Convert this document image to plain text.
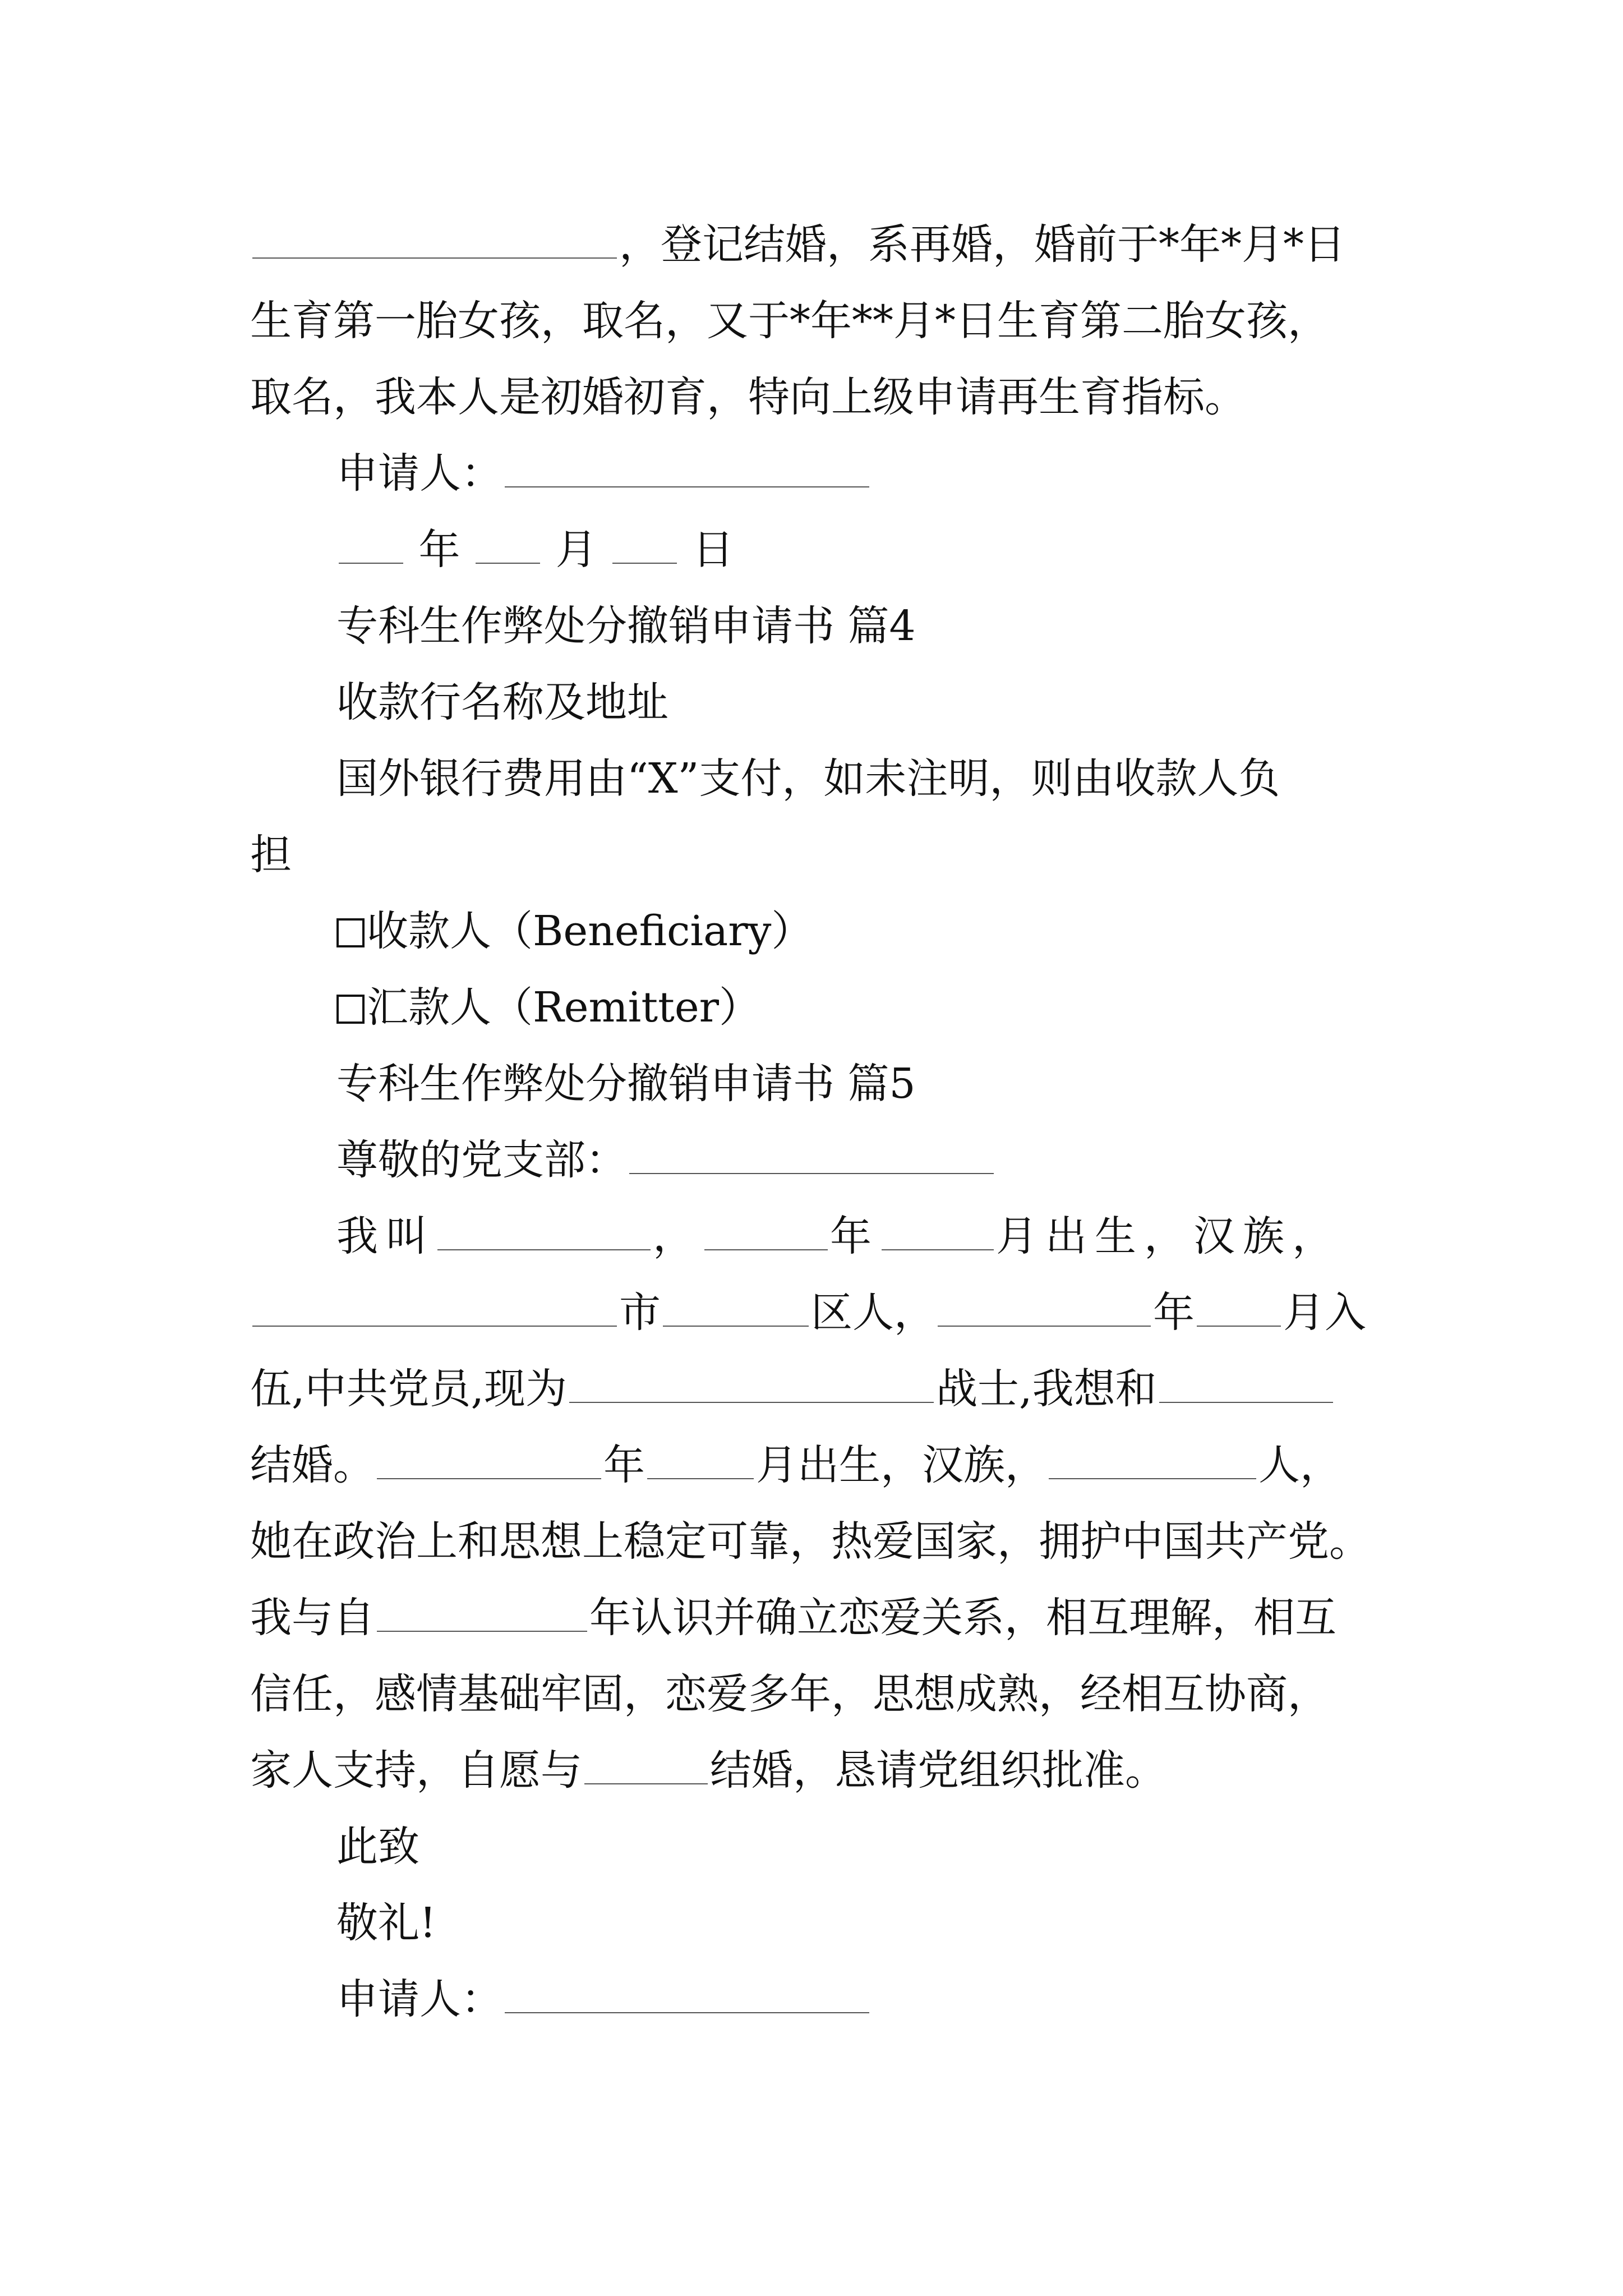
，登记结婚，系再婚，婚前于*年*月*日
生育第一胎女孩，取名，又于*年**月*日生育第二胎女孩，
取名，我本人是初婚初育，特向上级申请再生育指标。
申请人：
年 月 日
专科生作弊处分撤销申请书 篇4
收款行名称及地址
国外银行费用由“X”支付，如未注明，则由收款人负
担
收款人（Beneficiary）
汇款人（Remitter）
专科生作弊处分撤销申请书 篇5
尊敬的党支部：
我叫	，	年	月出生，汉族，
市	区人，	年 月入
伍,中共党员,现为	战士,我想和
结婚。	年	月出生，汉族，	人，
她在政治上和思想上稳定可靠，热爱国家，拥护中国共产党。
我与自	年认识并确立恋爱关系，相互理解，相互
信任，感情基础牢固，恋爱多年，思想成熟，经相互协商，
家人支持，自愿与	结婚，恳请党组织批准。
此致
敬礼!
申请人：
